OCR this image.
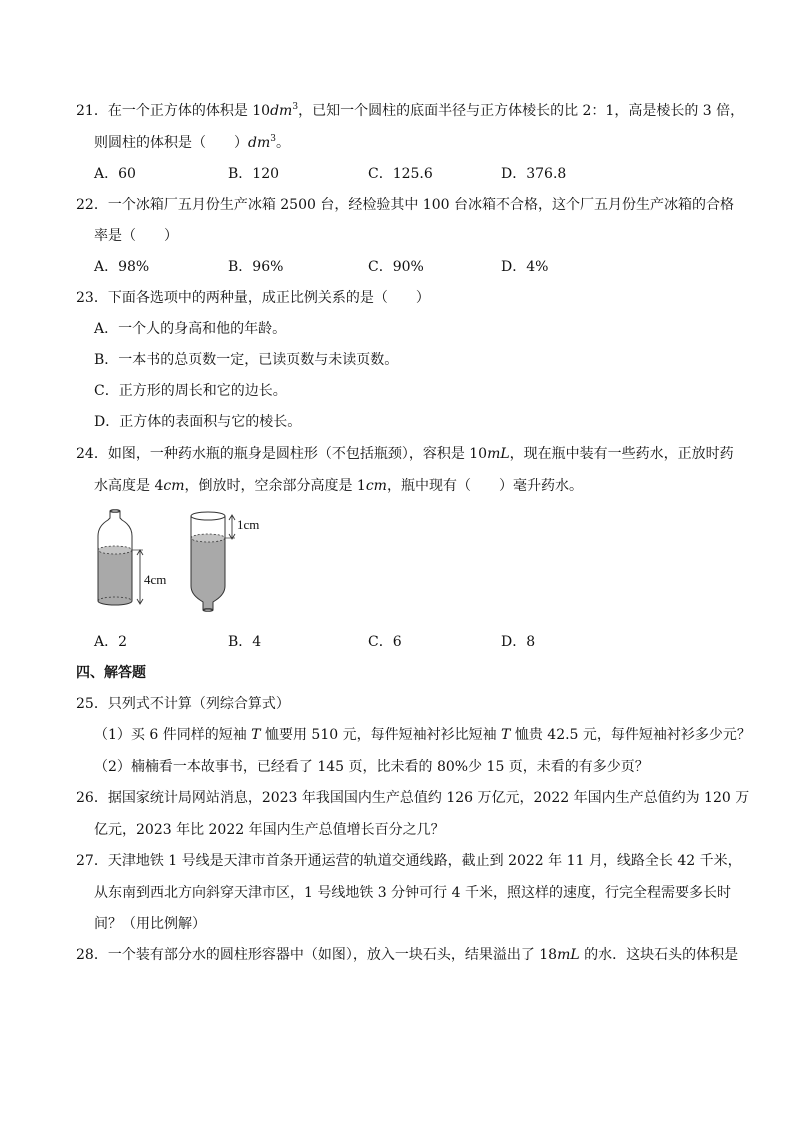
21．在一个正方体的体积是 $10dm^3$，已知一个圆柱的底面半径与正方体棱长的比 2：1，高是棱长的 3 倍，
则圆柱的体积是（　　）$dm^3$。
A．60	B．120	C．125.6	D．376.8
22．一个冰箱厂五月份生产冰箱 2500 台，经检验其中 100 台冰箱不合格，这个厂五月份生产冰箱的合格
率是（　　）
A．98%	B．96%	C．90%	D．4%
23．下面各选项中的两种量，成正比例关系的是（　　）
A．一个人的身高和他的年龄。
B．一本书的总页数一定，已读页数与未读页数。
C．正方形的周长和它的边长。
D．正方体的表面积与它的棱长。
24．如图，一种药水瓶的瓶身是圆柱形（不包括瓶颈），容积是 10mL，现在瓶中装有一些药水，正放时药
水高度是 4cm，倒放时，空余部分高度是 1cm，瓶中现有（　　）毫升药水。
4cm
1cm
A．2	B．4	C．6	D．8
四、解答题
25．只列式不计算（列综合算式）
（1）买 6 件同样的短袖 T 恤要用 510 元，每件短袖衬衫比短袖 T 恤贵 42.5 元，每件短袖衬衫多少元？
（2）楠楠看一本故事书，已经看了 145 页，比未看的 80%少 15 页，未看的有多少页？
26．据国家统计局网站消息，2023 年我国国内生产总值约 126 万亿元，2022 年国内生产总值约为 120 万
亿元，2023 年比 2022 年国内生产总值增长百分之几？
27．天津地铁 1 号线是天津市首条开通运营的轨道交通线路，截止到 2022 年 11 月，线路全长 42 千米，
从东南到西北方向斜穿天津市区，1 号线地铁 3 分钟可行 4 千米，照这样的速度，行完全程需要多长时
间？（用比例解）
28．一个装有部分水的圆柱形容器中（如图），放入一块石头，结果溢出了 18mL 的水．这块石头的体积是
